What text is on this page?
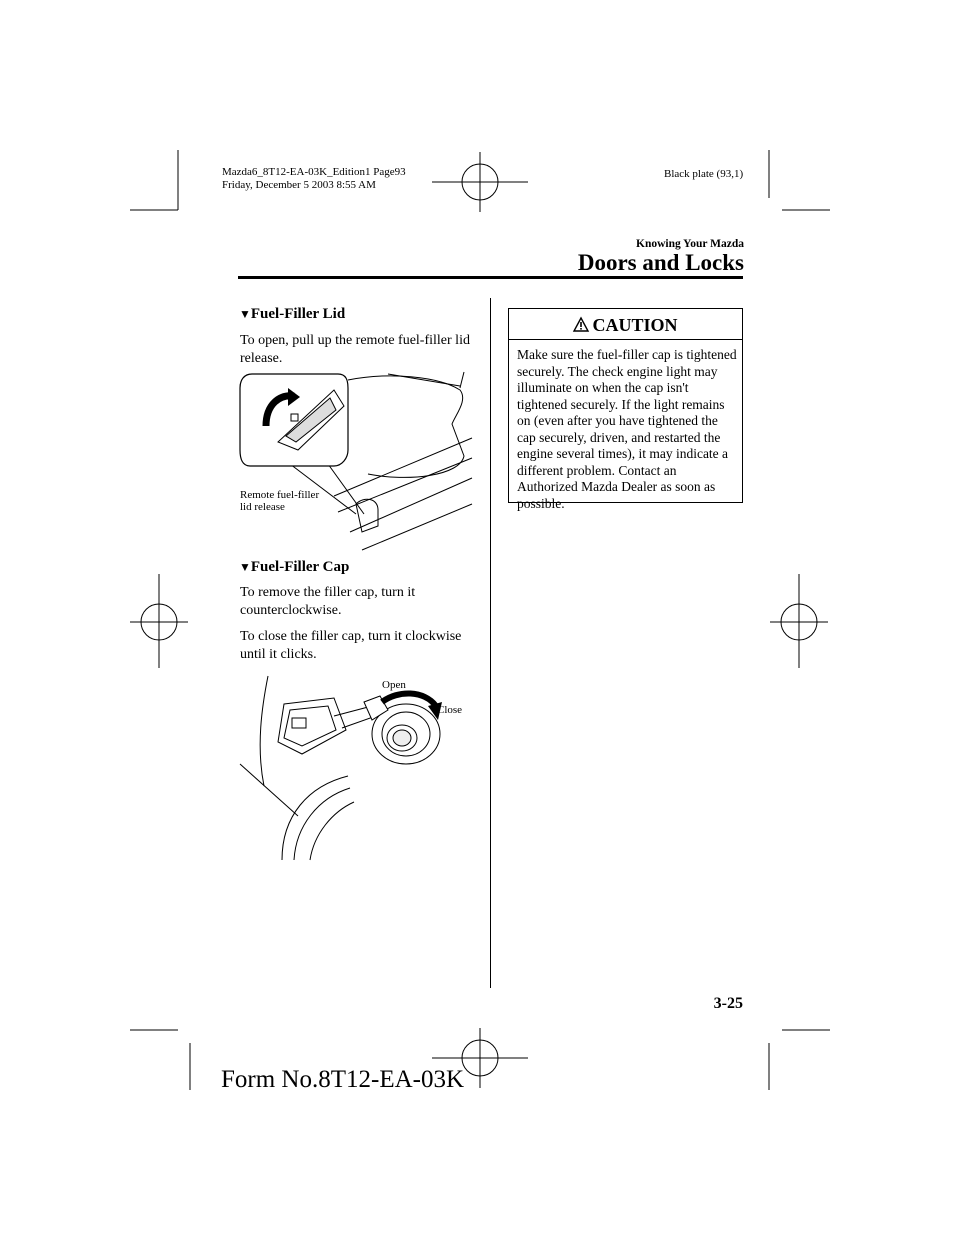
Mazda6_8T12-EA-03K_Edition1 Page93
Friday, December 5 2003 8:55 AM
Black plate (93,1)
Knowing Your Mazda
Doors and Locks
▼Fuel-Filler Lid
To open, pull up the remote fuel-filler lid release.
Remote fuel-filler
lid release
▼Fuel-Filler Cap
To remove the filler cap, turn it counterclockwise.
To close the filler cap, turn it clockwise until it clicks.
Open
Close
CAUTION
Make sure the fuel-filler cap is tightened securely. The check engine light may illuminate on when the cap isn't tightened securely. If the light remains on (even after you have tightened the cap securely, driven, and restarted the engine several times), it may indicate a different problem. Contact an Authorized Mazda Dealer as soon as possible.
3-25
Form No.8T12-EA-03K
